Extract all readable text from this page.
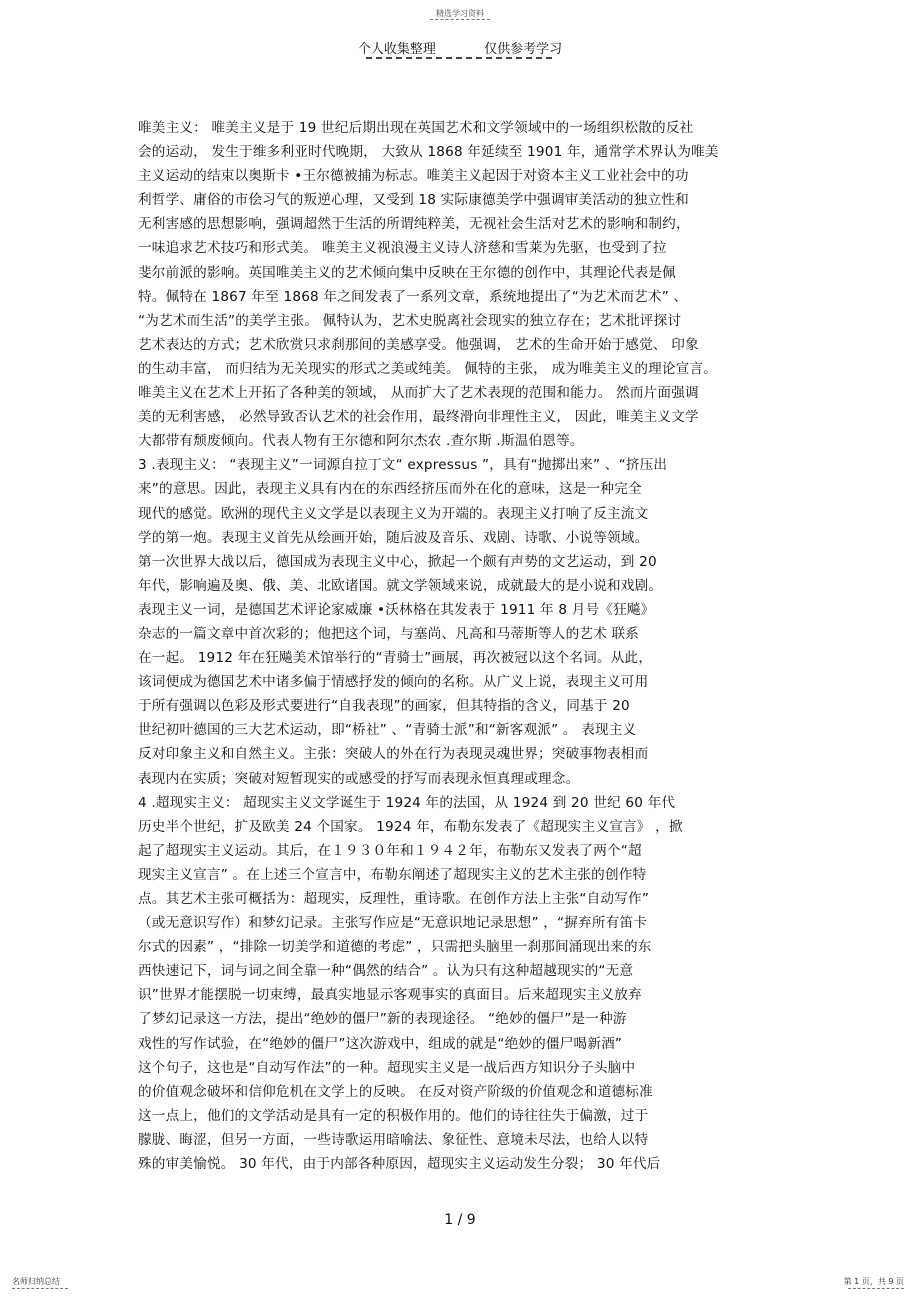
精选学习资料
个人收集整理	仅供参考学习
唯美主义： 唯美主义是于 19 世纪后期出现在英国艺术和文学领域中的一场组织松散的反社
会的运动， 发生于维多利亚时代晚期， 大致从 1868 年延续至 1901 年，通常学术界认为唯美
主义运动的结束以奥斯卡 •王尔德被捕为标志。唯美主义起因于对资本主义工业社会中的功
利哲学、庸俗的市侩习气的叛逆心理，又受到 18 实际康德美学中强调审美活动的独立性和
无利害感的思想影响，强调超然于生活的所谓纯粹美，无视社会生活对艺术的影响和制约，
一味追求艺术技巧和形式美。 唯美主义视浪漫主义诗人济慈和雪莱为先驱，也受到了拉
斐尔前派的影响。英国唯美主义的艺术倾向集中反映在王尔德的创作中，其理论代表是佩
特。佩特在 1867 年至 1868 年之间发表了一系列文章，系统地提出了“为艺术而艺术” 、
“为艺术而生活”的美学主张。 佩特认为，艺术史脱离社会现实的独立存在；艺术批评探讨
艺术表达的方式；艺术欣赏只求刹那间的美感享受。他强调， 艺术的生命开始于感觉、 印象
的生动丰富， 而归结为无关现实的形式之美或纯美。 佩特的主张， 成为唯美主义的理论宣言。
唯美主义在艺术上开拓了各种美的领域， 从而扩大了艺术表现的范围和能力。 然而片面强调
美的无利害感， 必然导致否认艺术的社会作用，最终滑向非理性主义， 因此，唯美主义文学
大都带有颓废倾向。代表人物有王尔德和阿尔杰农 .查尔斯 .斯温伯恩等。
3 .表现主义： “表现主义”一词源自拉丁文“ expressus ”，具有“抛掷出来” 、“挤压出
来”的意思。因此，表现主义具有内在的东西经挤压而外在化的意味，这是一种完全
现代的感觉。欧洲的现代主义文学是以表现主义为开端的。表现主义打响了反主流文
学的第一炮。表现主义首先从绘画开始，随后波及音乐、戏剧、诗歌、小说等领域。
第一次世界大战以后，德国成为表现主义中心，掀起一个颇有声势的文艺运动，到 20
年代，影响遍及奥、俄、美、北欧诸国。就文学领域来说，成就最大的是小说和戏剧。
表现主义一词，是德国艺术评论家威廉 •沃林格在其发表于 1911 年 8 月号《狂飚》
杂志的一篇文章中首次彩的；他把这个词，与塞尚、凡高和马蒂斯等人的艺术 联系
在一起。 1912 年在狂飚美术馆举行的“青骑士”画展，再次被冠以这个名词。从此，
该词便成为德国艺术中诸多偏于情感抒发的倾向的名称。从广义上说，表现主义可用
于所有强调以色彩及形式要进行“自我表现”的画家，但其特指的含义，同基于 20
世纪初叶德国的三大艺术运动，即“桥社” 、“青骑士派”和“新客观派” 。 表现主义
反对印象主义和自然主义。主张：突破人的外在行为表现灵魂世界；突破事物表相而
表现内在实质；突破对短暂现实的或感受的抒写而表现永恒真理或理念。
4 .超现实主义： 超现实主义文学诞生于 1924 年的法国，从 1924 到 20 世纪 60 年代
历史半个世纪，扩及欧美 24 个国家。 1924 年，布勒东发表了《超现实主义宣言》 ，掀
起了超现实主义运动。其后，在１９３０年和１９４２年，布勒东又发表了两个“超
现实主义宣言” 。在上述三个宣言中，布勒东阐述了超现实主义的艺术主张的创作特
点。其艺术主张可概括为：超现实，反理性，重诗歌。在创作方法上主张“自动写作”
（或无意识写作）和梦幻记录。主张写作应是“无意识地记录思想” ，“摒弃所有笛卡
尔式的因素” ，“排除一切美学和道德的考虑” ，只需把头脑里一刹那间涌现出来的东
西快速记下，词与词之间全靠一种“偶然的结合” 。认为只有这种超越现实的“无意
识”世界才能摆脱一切束缚，最真实地显示客观事实的真面目。后来超现实主义放弃
了梦幻记录这一方法，提出“绝妙的僵尸”新的表现途径。 “绝妙的僵尸”是一种游
戏性的写作试验，在“绝妙的僵尸”这次游戏中，组成的就是“绝妙的僵尸喝新酒”
这个句子，这也是“自动写作法”的一种。超现实主义是一战后西方知识分子头脑中
的价值观念破坏和信仰危机在文学上的反映。 在反对资产阶级的价值观念和道德标准
这一点上，他们的文学活动是具有一定的积极作用的。他们的诗往往失于偏激，过于
朦胧、晦涩，但另一方面，一些诗歌运用暗喻法、象征性、意境未尽法，也给人以特
殊的审美愉悦。 30 年代，由于内部各种原因，超现实主义运动发生分裂； 30 年代后
1 / 9
名师归纳总结	第 1 页，共 9 页
